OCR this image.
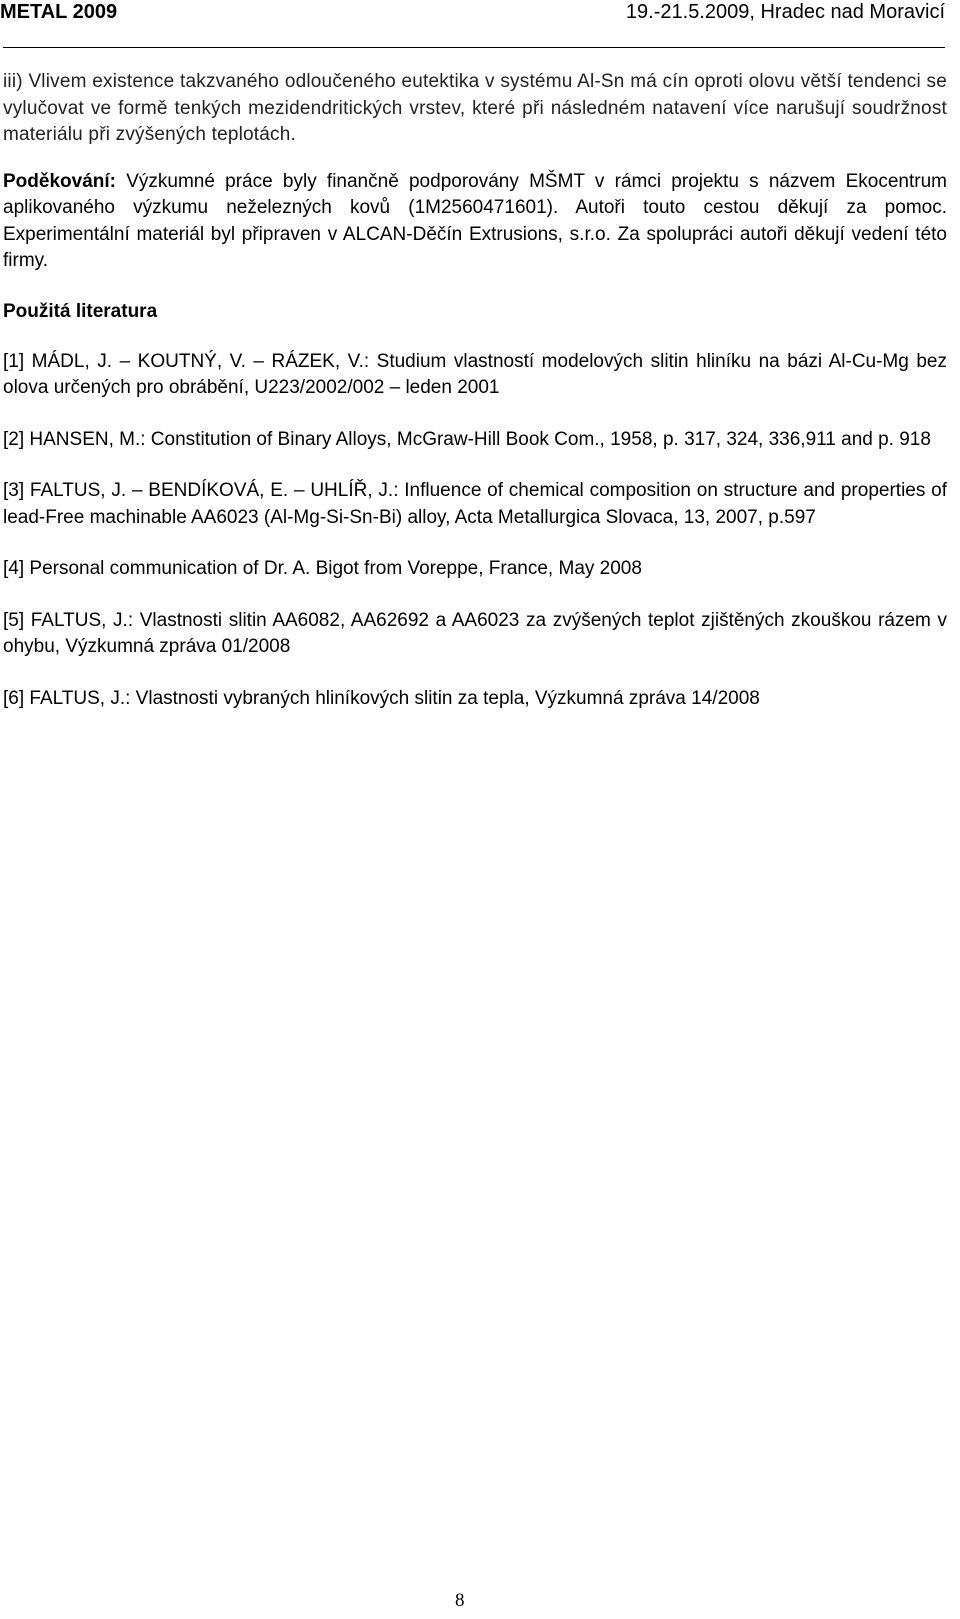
METAL 2009	19.-21.5.2009, Hradec nad Moravicí

iii) Vlivem existence takzvaného odloučeného eutektika v systému Al-Sn má cín oproti olovu větší tendenci se vylučovat ve formě tenkých mezidendritických vrstev, které při následném natavení více narušují soudržnost materiálu při zvýšených teplotách.

Poděkování: Výzkumné práce byly finančně podporovány MŠMT v rámci projektu s názvem Ekocentrum aplikovaného výzkumu neželezných kovů (1M2560471601). Autoři touto cestou děkují za pomoc. Experimentální materiál byl připraven v ALCAN-Děčín Extrusions, s.r.o. Za spolupráci autoři děkují vedení této firmy.

Použitá literatura
[1] MÁDL, J. – KOUTNÝ, V. – RÁZEK, V.: Studium vlastností modelových slitin hliníku na bázi Al-Cu-Mg bez olova určených pro obrábění, U223/2002/002 – leden 2001
[2] HANSEN, M.: Constitution of Binary Alloys, McGraw-Hill Book Com., 1958, p. 317, 324, 336,911 and p. 918
[3] FALTUS, J. – BENDÍKOVÁ, E. – UHLÍŘ, J.: Influence of chemical composition on structure and properties of lead-Free machinable AA6023 (Al-Mg-Si-Sn-Bi) alloy, Acta Metallurgica Slovaca, 13, 2007, p.597
[4] Personal communication of Dr. A. Bigot from Voreppe, France, May 2008
[5] FALTUS, J.: Vlastnosti slitin AA6082, AA62692 a AA6023 za zvýšených teplot zjištěných zkouškou rázem v ohybu, Výzkumná zpráva 01/2008
[6] FALTUS, J.: Vlastnosti vybraných hliníkových slitin za tepla, Výzkumná zpráva 14/2008
8
